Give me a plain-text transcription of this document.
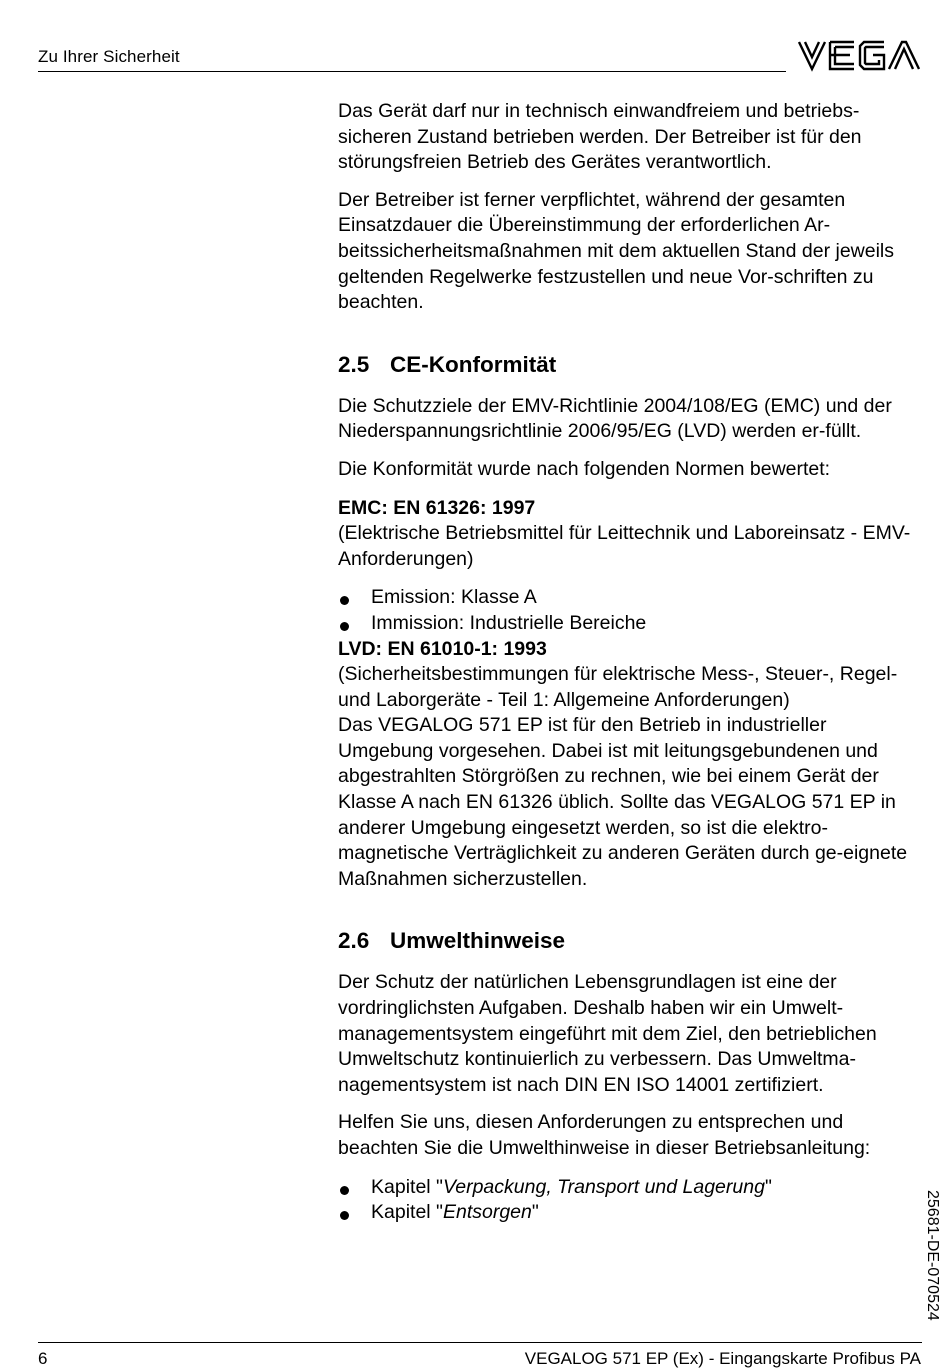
Zu Ihrer Sicherheit

Das Gerät darf nur in technisch einwandfreiem und betriebs-sicheren Zustand betrieben werden. Der Betreiber ist für den störungsfreien Betrieb des Gerätes verantwortlich.

Der Betreiber ist ferner verpflichtet, während der gesamten Einsatzdauer die Übereinstimmung der erforderlichen Ar-beitssicherheitsmaßnahmen mit dem aktuellen Stand der jeweils geltenden Regelwerke festzustellen und neue Vor-schriften zu beachten.

2.5 CE-Konformität

Die Schutzziele der EMV-Richtlinie 2004/108/EG (EMC) und der Niederspannungsrichtlinie 2006/95/EG (LVD) werden er-füllt.

Die Konformität wurde nach folgenden Normen bewertet:

EMC: EN 61326: 1997
(Elektrische Betriebsmittel für Leittechnik und Laboreinsatz - EMV-Anforderungen)
Emission: Klasse A
Immission: Industrielle Bereiche
LVD: EN 61010-1: 1993
(Sicherheitsbestimmungen für elektrische Mess-, Steuer-, Regel- und Laborgeräte - Teil 1: Allgemeine Anforderungen)

Das VEGALOG 571 EP ist für den Betrieb in industrieller Umgebung vorgesehen. Dabei ist mit leitungsgebundenen und abgestrahlten Störgrößen zu rechnen, wie bei einem Gerät der Klasse A nach EN 61326 üblich. Sollte das VEGALOG 571 EP in anderer Umgebung eingesetzt werden, so ist die elektro-magnetische Verträglichkeit zu anderen Geräten durch ge-eignete Maßnahmen sicherzustellen.

2.6 Umwelthinweise

Der Schutz der natürlichen Lebensgrundlagen ist eine der vordringlichsten Aufgaben. Deshalb haben wir ein Umwelt-managementsystem eingeführt mit dem Ziel, den betrieblichen Umweltschutz kontinuierlich zu verbessern. Das Umweltma-nagementsystem ist nach DIN EN ISO 14001 zertifiziert.

Helfen Sie uns, diesen Anforderungen zu entsprechen und beachten Sie die Umwelthinweise in dieser Betriebsanleitung:

Kapitel "Verpackung, Transport und Lagerung"
Kapitel "Entsorgen"	25681-DE-070524
6	VEGALOG 571 EP (Ex) - Eingangskarte Profibus PA
